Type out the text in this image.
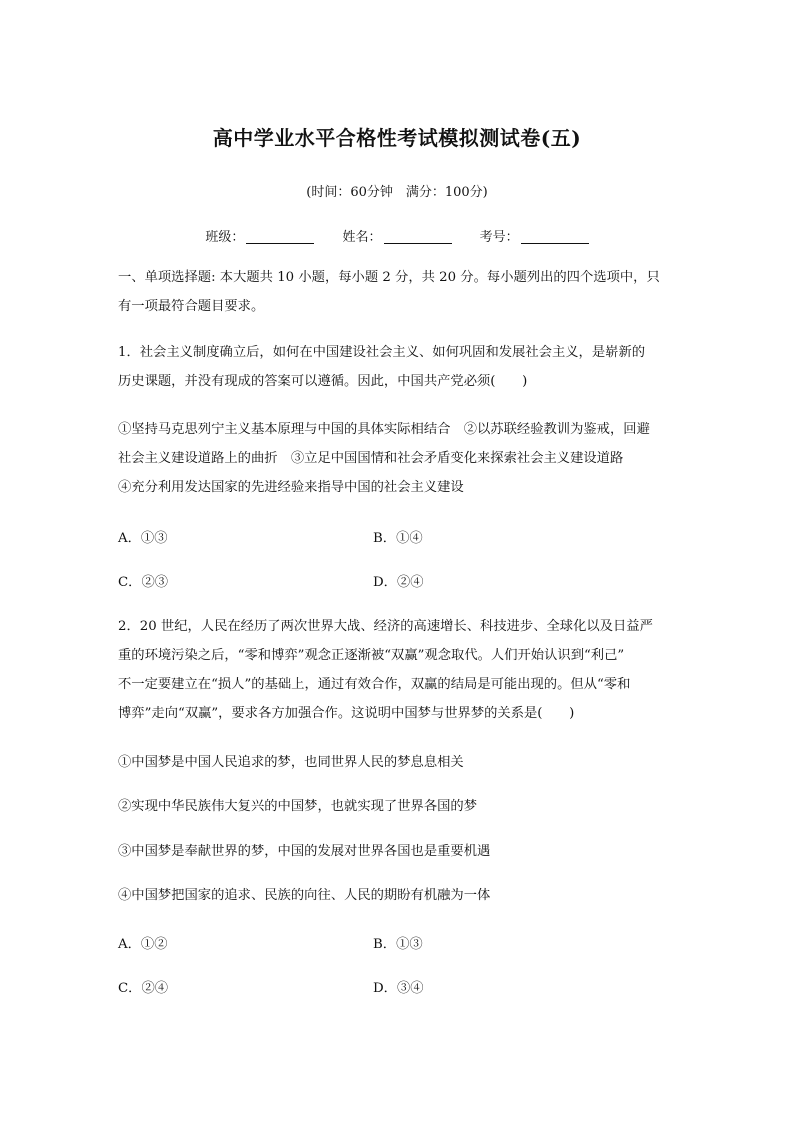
高中学业水平合格性考试模拟测试卷(五)
(时间：60分钟　满分：100分)
班级：	姓名：	考号：
一、单项选择题: 本大题共 10 小题，每小题 2 分，共 20 分。每小题列出的四个选项中，只
有一项最符合题目要求。
1．社会主义制度确立后，如何在中国建设社会主义、如何巩固和发展社会主义，是崭新的
历史课题，并没有现成的答案可以遵循。因此，中国共产党必须(　　)
①坚持马克思列宁主义基本原理与中国的具体实际相结合　②以苏联经验教训为鉴戒，回避
社会主义建设道路上的曲折　③立足中国国情和社会矛盾变化来探索社会主义建设道路
④充分利用发达国家的先进经验来指导中国的社会主义建设
A．①③	B．①④
C．②③	D．②④
2．20 世纪，人民在经历了两次世界大战、经济的高速增长、科技进步、全球化以及日益严
重的环境污染之后，“零和博弈”观念正逐渐被“双赢”观念取代。人们开始认识到“利己”
不一定要建立在“损人”的基础上，通过有效合作，双赢的结局是可能出现的。但从“零和
博弈”走向“双赢”，要求各方加强合作。这说明中国梦与世界梦的关系是(　　)
①中国梦是中国人民追求的梦，也同世界人民的梦息息相关
②实现中华民族伟大复兴的中国梦，也就实现了世界各国的梦
③中国梦是奉献世界的梦，中国的发展对世界各国也是重要机遇
④中国梦把国家的追求、民族的向往、人民的期盼有机融为一体
A．①②	B．①③
C．②④	D．③④
